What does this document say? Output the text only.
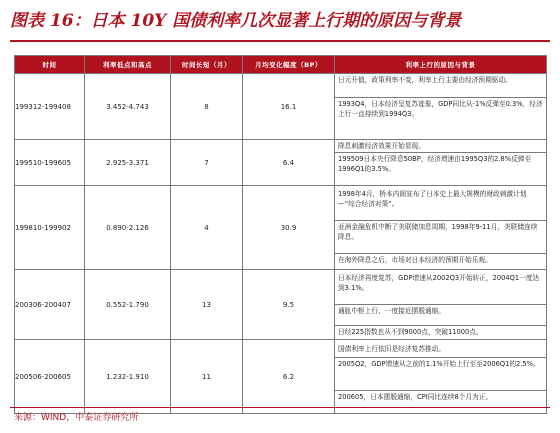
图表 16：日本 10Y 国债利率几次显著上行期的原因与背景
时间	利率低点和高点	时间长短（月）	月均变化幅度（BP）	利率上行的原因与背景
199312-199408	3.452-4.743	8	16.1	日元升值，政策利率不变，利率上行主要由经济预期驱动。
1993Q4，日本经济呈复苏迹象，GDP同比从-1%反弹至0.3%，经济上行一直持续到1994Q3。

199510-199605	2.925-3.371	7	6.4	降息刺激经济效果开始显现。
199509日本央行降息50BP，经济增速由1995Q3的2.8%反弹至1996Q1的3.5%。

199810-199902	0.890-2.126	4	30.9	1998年4月，桥本内阁宣布了日本史上最大规模的财政刺激计划—“综合经济对策”。
亚洲金融危机中断了美联储加息周期，1998年9-11月，美联储连续降息。
在海外降息之后，市场对日本经济的预期开始乐观。

200306-200407	0.552-1.790	13	9.5	日本经济再度复苏，GDP增速从2002Q3开始转正，2004Q1一度达到3.1%。
通胀中枢上行，一度接近摆脱通缩。
日经225指数也从不到9000点，突破11000点。

200506-200605	1.232-1.910	11	6.2	国债利率上行依旧是经济复苏推动。
2005Q2，GDP增速从之前的1.1%开始上行至至2006Q1的2.5%。
200605，日本摆脱通缩，CPI同比连续8个月为正。
来源：WIND，中泰证券研究所
